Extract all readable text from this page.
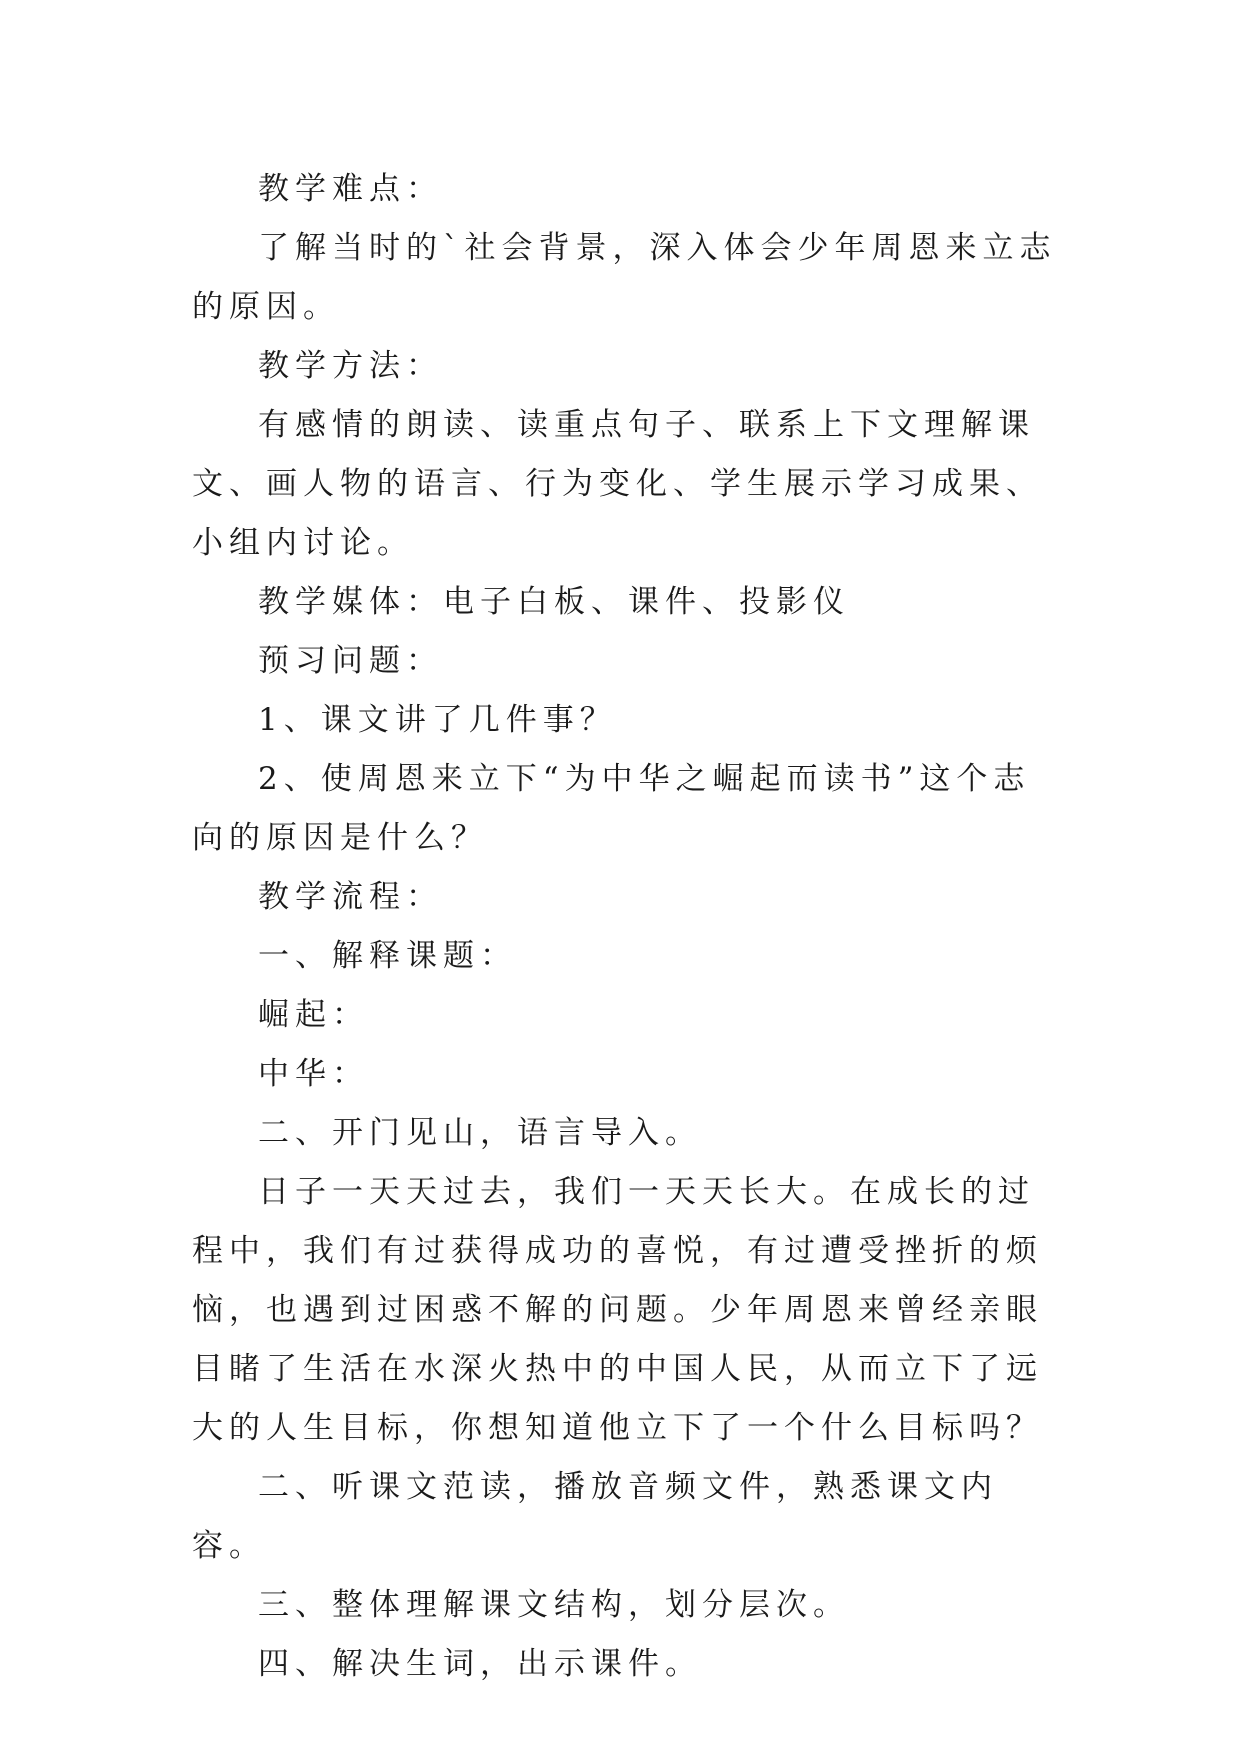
教学难点：

了解当时的`社会背景，深入体会少年周恩来立志的原因。

教学方法：

有感情的朗读、读重点句子、联系上下文理解课文、画人物的语言、行为变化、学生展示学习成果、小组内讨论。

教学媒体：电子白板、课件、投影仪

预习问题：

1、课文讲了几件事？

2、使周恩来立下“为中华之崛起而读书”这个志向的原因是什么？

教学流程：

一、解释课题：

崛起：

中华：

二、开门见山，语言导入。

日子一天天过去，我们一天天长大。在成长的过程中，我们有过获得成功的喜悦，有过遭受挫折的烦恼，也遇到过困惑不解的问题。少年周恩来曾经亲眼目睹了生活在水深火热中的中国人民，从而立下了远大的人生目标，你想知道他立下了一个什么目标吗？

二、听课文范读，播放音频文件，熟悉课文内容。

三、整体理解课文结构，划分层次。

四、解决生词，出示课件。
